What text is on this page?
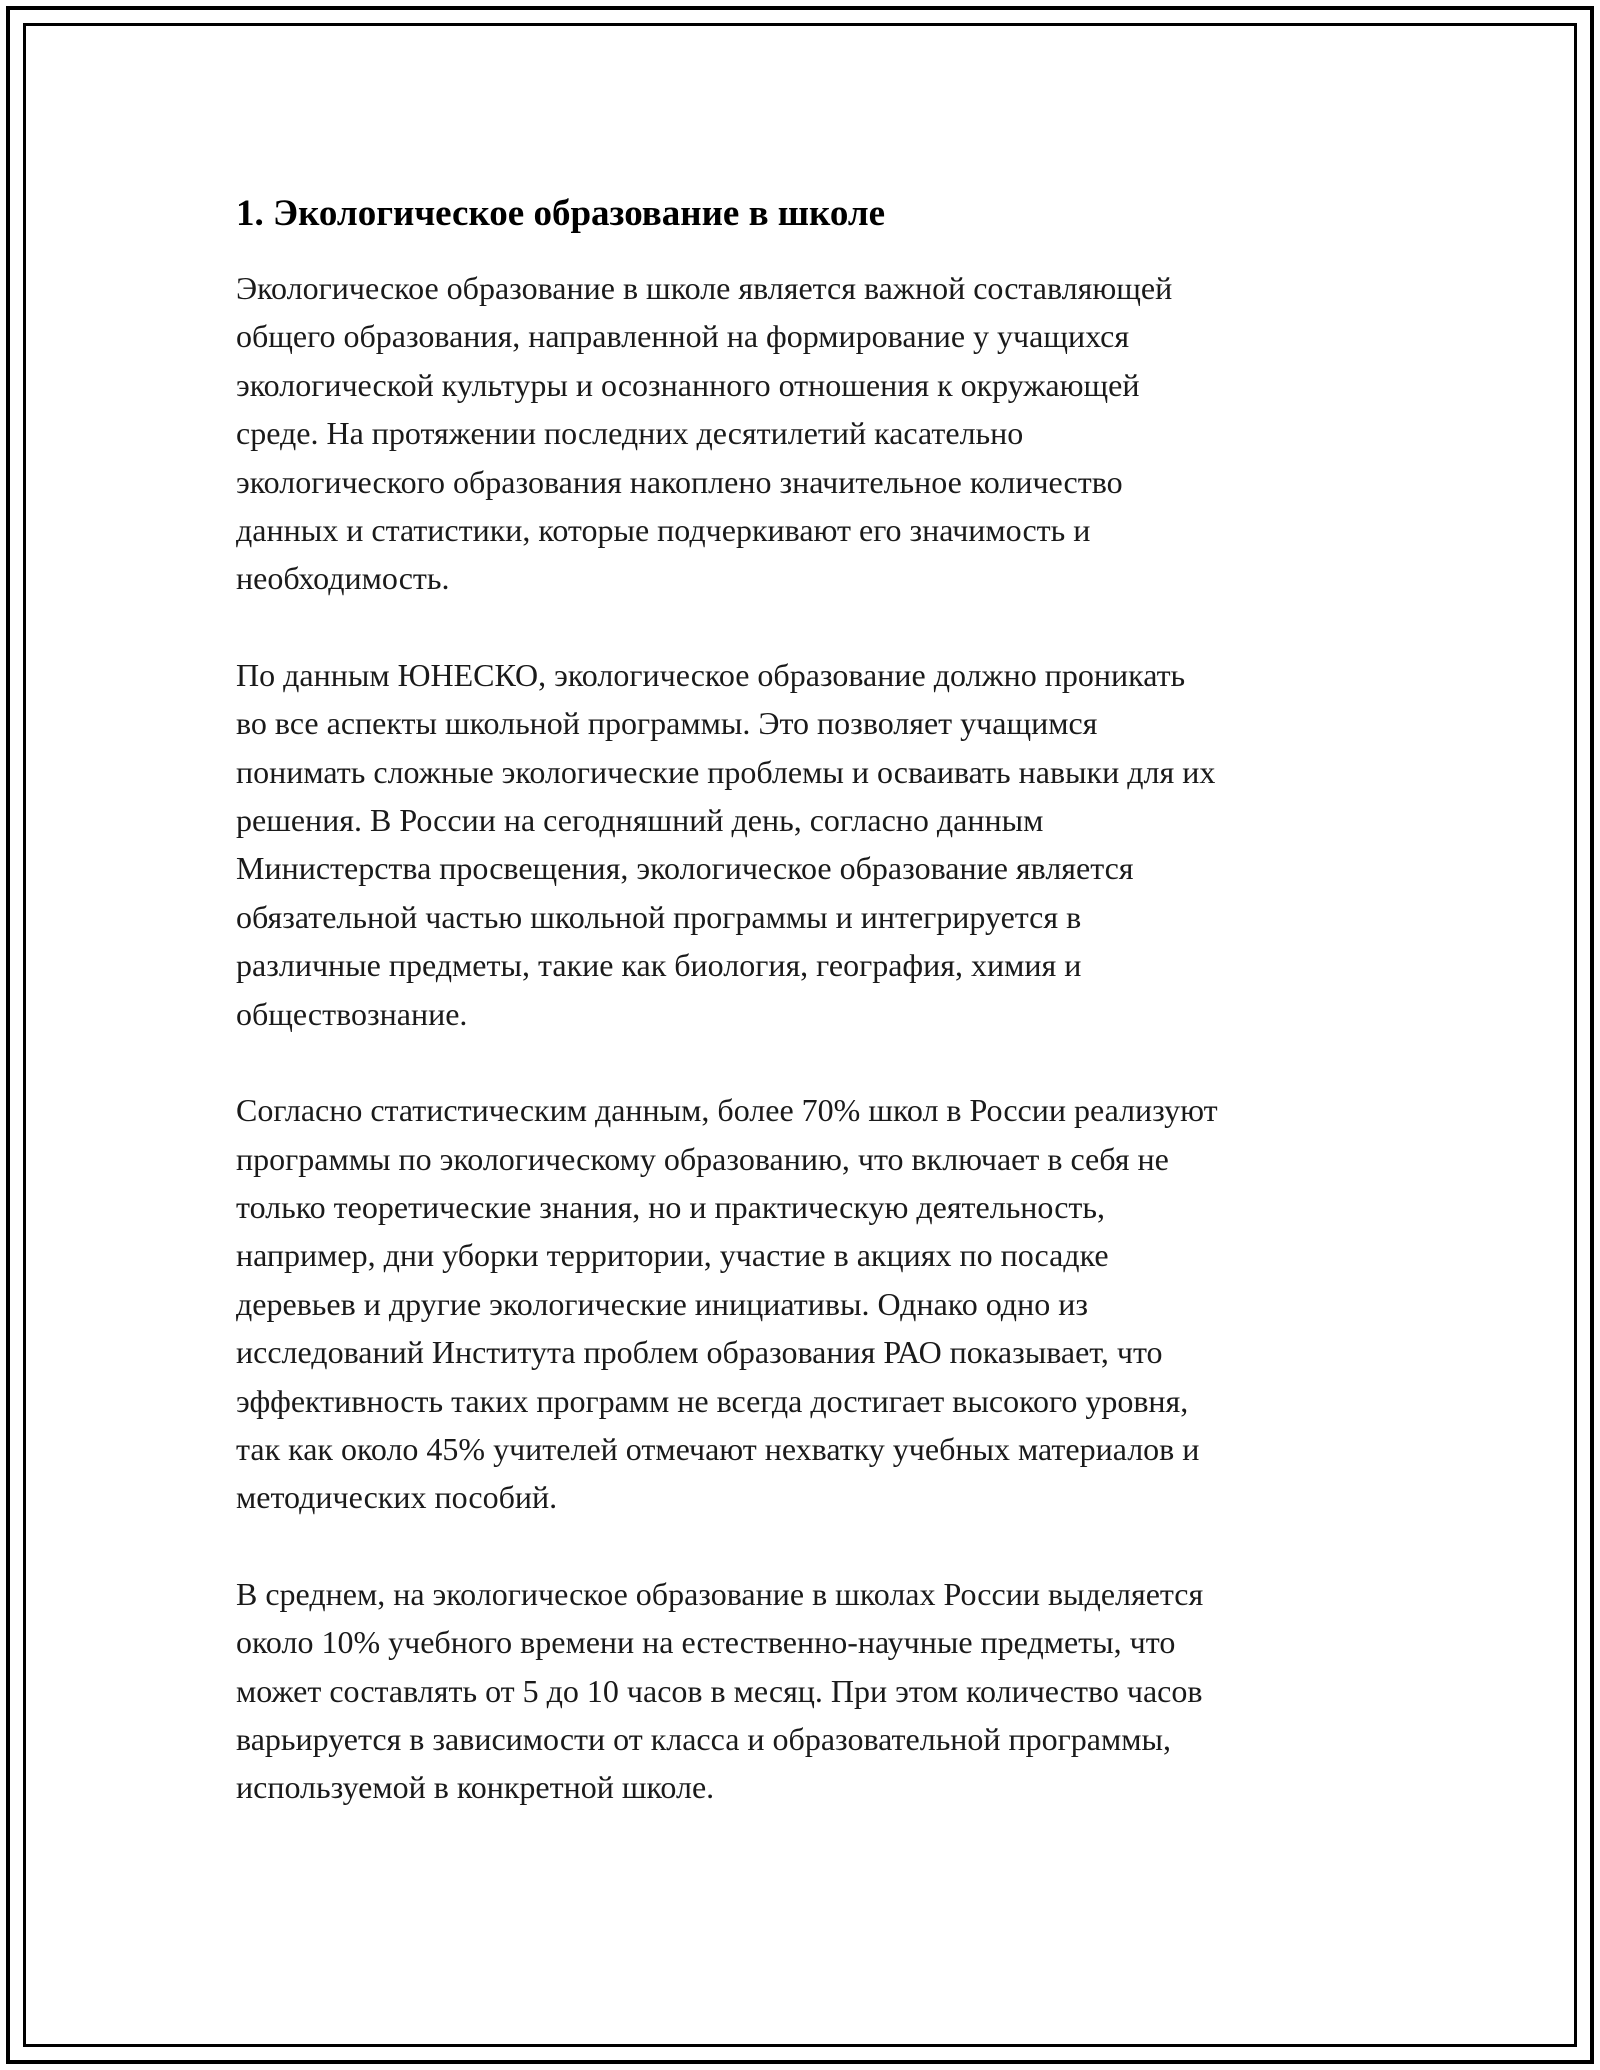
1. Экологическое образование в школе

Экологическое образование в школе является важной составляющей
общего образования, направленной на формирование у учащихся
экологической культуры и осознанного отношения к окружающей
среде. На протяжении последних десятилетий касательно
экологического образования накоплено значительное количество
данных и статистики, которые подчеркивают его значимость и
необходимость.

По данным ЮНЕСКО, экологическое образование должно проникать
во все аспекты школьной программы. Это позволяет учащимся
понимать сложные экологические проблемы и осваивать навыки для их
решения. В России на сегодняшний день, согласно данным
Министерства просвещения, экологическое образование является
обязательной частью школьной программы и интегрируется в
различные предметы, такие как биология, география, химия и
обществознание.

Согласно статистическим данным, более 70% школ в России реализуют
программы по экологическому образованию, что включает в себя не
только теоретические знания, но и практическую деятельность,
например, дни уборки территории, участие в акциях по посадке
деревьев и другие экологические инициативы. Однако одно из
исследований Института проблем образования РАО показывает, что
эффективность таких программ не всегда достигает высокого уровня,
так как около 45% учителей отмечают нехватку учебных материалов и
методических пособий.

В среднем, на экологическое образование в школах России выделяется
около 10% учебного времени на естественно-научные предметы, что
может составлять от 5 до 10 часов в месяц. При этом количество часов
варьируется в зависимости от класса и образовательной программы,
используемой в конкретной школе.
